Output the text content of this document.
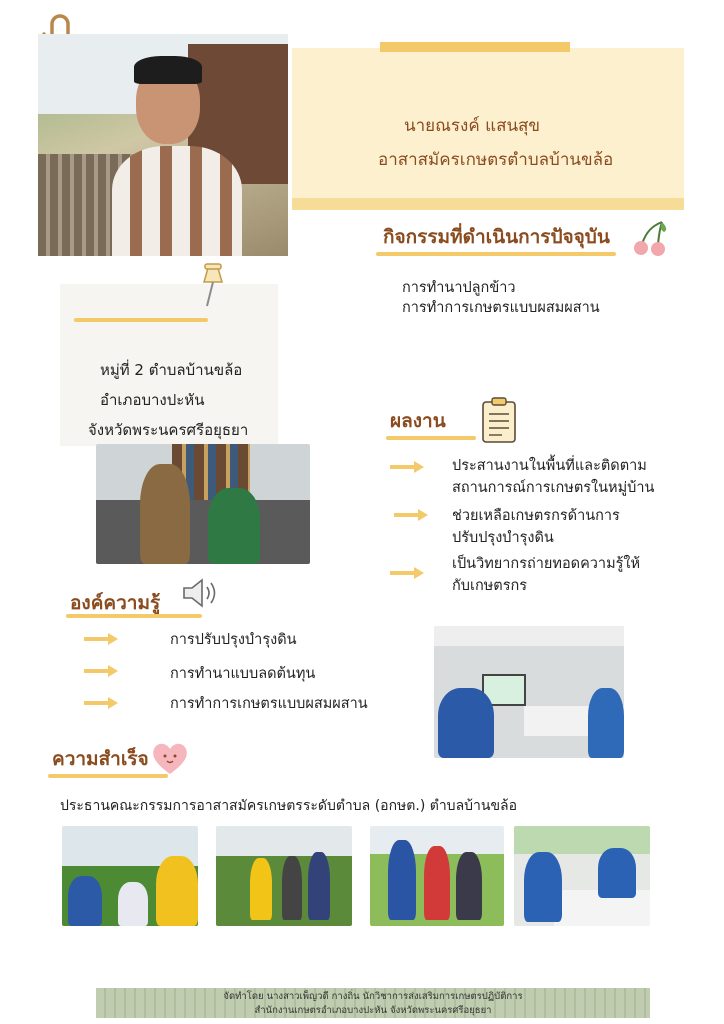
นายณรงค์ แสนสุข
อาสาสมัครเกษตรตำบลบ้านขล้อ
กิจกรรมที่ดำเนินการปัจจุบัน
การทำนาปลูกข้าว
การทำการเกษตรแบบผสมผสาน
หมู่ที่ 2 ตำบลบ้านขล้อ
อำเภอบางปะหัน
จังหวัดพระนครศรีอยุธยา	ผลงาน
ประสานงานในพื้นที่และติดตาม
สถานการณ์การเกษตรในหมู่บ้าน
ช่วยเหลือเกษตรกรด้านการ
ปรับปรุงบำรุงดิน
เป็นวิทยากรถ่ายทอดความรู้ให้
กับเกษตรกร
องค์ความรู้
การปรับปรุงบำรุงดิน
การทำนาแบบลดต้นทุน
การทำการเกษตรแบบผสมผสาน
ความสำเร็จ
ประธานคณะกรรมการอาสาสมัครเกษตรระดับตำบล (อกษต.) ตำบลบ้านขล้อ
จัดทำโดย นางสาวเพ็ญวดี กางถิ่น นักวิชาการส่งเสริมการเกษตรปฏิบัติการ
สำนักงานเกษตรอำเภอบางปะหัน จังหวัดพระนครศรีอยุธยา
